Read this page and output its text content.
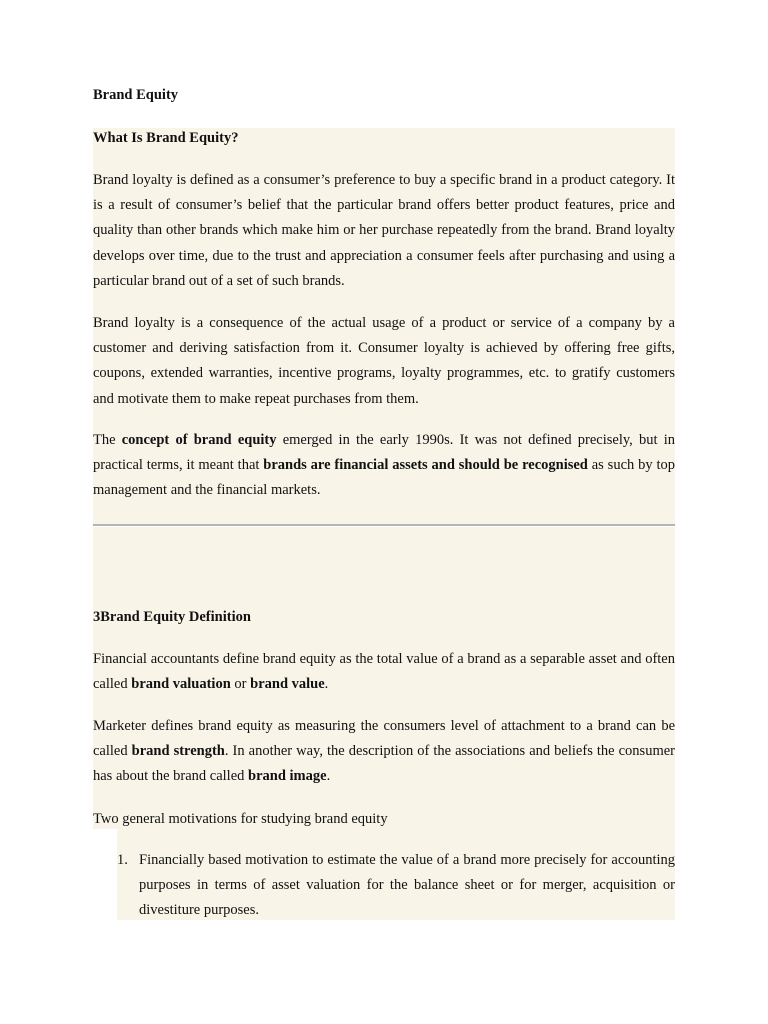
Brand Equity

What Is Brand Equity?

Brand loyalty is defined as a consumer’s preference to buy a specific brand in a product category. It is a result of consumer’s belief that the particular brand offers better product features, price and quality than other brands which make him or her purchase repeatedly from the brand. Brand loyalty develops over time, due to the trust and appreciation a consumer feels after purchasing and using a particular brand out of a set of such brands.

Brand loyalty is a consequence of the actual usage of a product or service of a company by a customer and deriving satisfaction from it. Consumer loyalty is achieved by offering free gifts, coupons, extended warranties, incentive programs, loyalty programmes, etc. to gratify customers and motivate them to make repeat purchases from them.

The concept of brand equity emerged in the early 1990s. It was not defined precisely, but in practical terms, it meant that brands are financial assets and should be recognised as such by top management and the financial markets.

3Brand Equity Definition

Financial accountants define brand equity as the total value of a brand as a separable asset and often called brand valuation or brand value.

Marketer defines brand equity as measuring the consumers level of attachment to a brand can be called brand strength. In another way, the description of the associations and beliefs the consumer has about the brand called brand image.

Two general motivations for studying brand equity

1. Financially based motivation to estimate the value of a brand more precisely for accounting purposes in terms of asset valuation for the balance sheet or for merger, acquisition or divestiture purposes.
